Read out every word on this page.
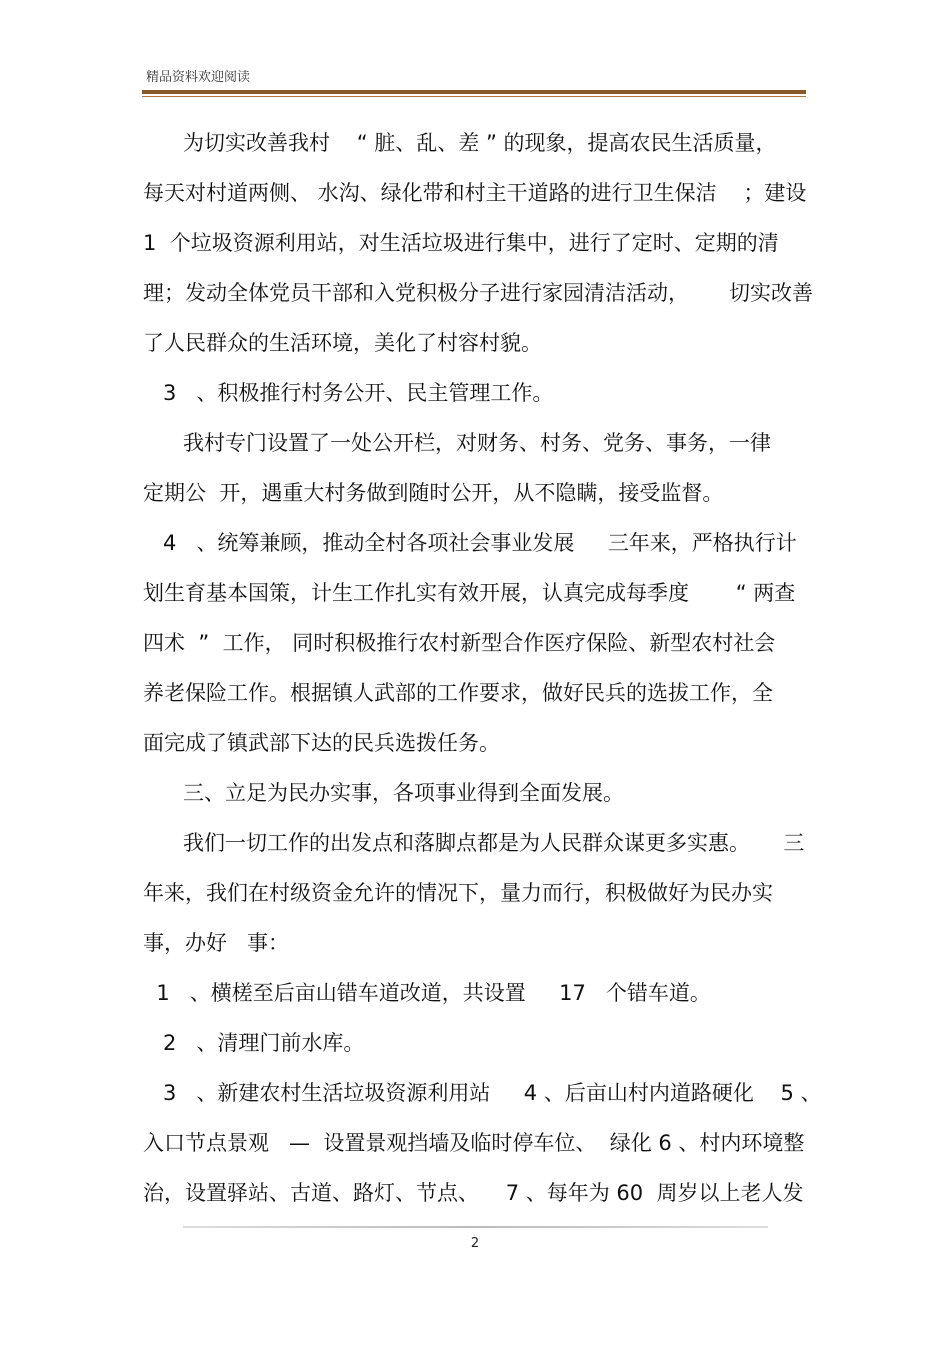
精品资料欢迎阅读
为切实改善我村    “ 脏、乱、差 ” 的现象，提高农民生活质量，
每天对村道两侧、 水沟、绿化带和村主干道路的进行卫生保洁    ；建设
1  个垃圾资源利用站，对生活垃圾进行集中，进行了定时、定期的清
理；发动全体党员干部和入党积极分子进行家园清洁活动，      切实改善
了人民群众的生活环境，美化了村容村貌。
3   、积极推行村务公开、民主管理工作。
我村专门设置了一处公开栏，对财务、村务、党务、事务，一律
定期公  开，遇重大村务做到随时公开，从不隐瞒，接受监督。
4   、统筹兼顾，推动全村各项社会事业发展     三年来，严格执行计
划生育基本国策，计生工作扎实有效开展，认真完成每季度       “ 两查
四术  ”  工作， 同时积极推行农村新型合作医疗保险、新型农村社会
养老保险工作。根据镇人武部的工作要求，做好民兵的选拔工作，全
面完成了镇武部下达的民兵选拨任务。
三、立足为民办实事，各项事业得到全面发展。
我们一切工作的出发点和落脚点都是为人民群众谋更多实惠。     三
年来，我们在村级资金允许的情况下，量力而行，积极做好为民办实
事，办好   事：
1   、横槎至后亩山错车道改道，共设置     17   个错车道。
2   、清理门前水库。
3   、新建农村生活垃圾资源利用站     4 、后亩山村内道路硬化    5 、
入口节点景观   —  设置景观挡墙及临时停车位、  绿化 6 、村内环境整
治，设置驿站、古道、路灯、节点、    7 、每年为 60  周岁以上老人发
2
